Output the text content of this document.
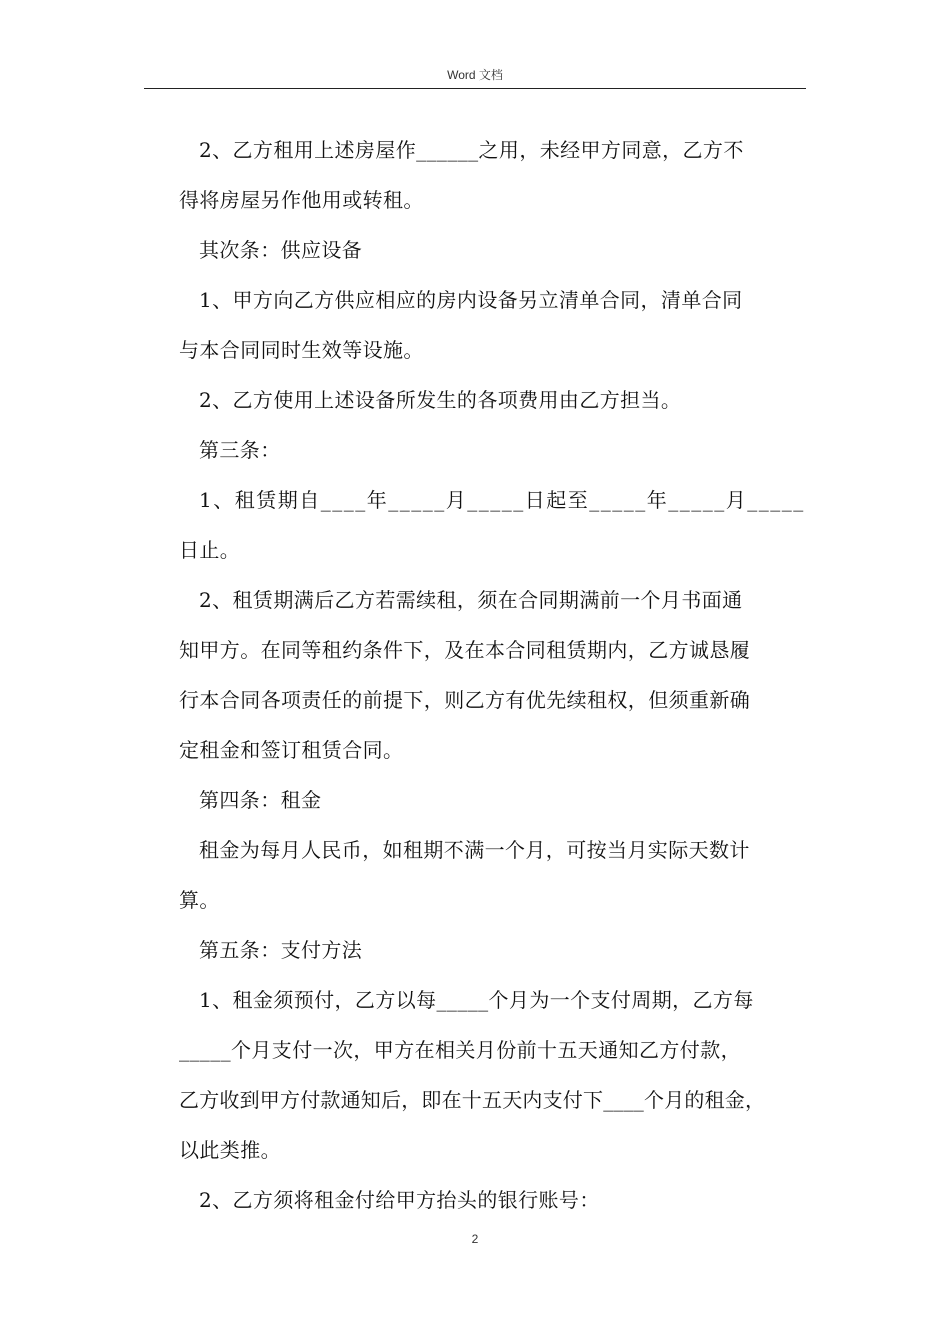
Word 文档
2、乙方租用上述房屋作______之用，未经甲方同意，乙方不
得将房屋另作他用或转租。
其次条：供应设备
1、甲方向乙方供应相应的房内设备另立清单合同，清单合同
与本合同同时生效等设施。
2、乙方使用上述设备所发生的各项费用由乙方担当。
第三条：
1、租赁期自____年_____月_____日起至_____年_____月_____
日止。
2、租赁期满后乙方若需续租，须在合同期满前一个月书面通
知甲方。在同等租约条件下，及在本合同租赁期内，乙方诚恳履
行本合同各项责任的前提下，则乙方有优先续租权，但须重新确
定租金和签订租赁合同。
第四条：租金
租金为每月人民币，如租期不满一个月，可按当月实际天数计
算。
第五条：支付方法
1、租金须预付，乙方以每_____个月为一个支付周期，乙方每
_____个月支付一次，甲方在相关月份前十五天通知乙方付款，
乙方收到甲方付款通知后，即在十五天内支付下____个月的租金，
以此类推。
2、乙方须将租金付给甲方抬头的银行账号：
2
